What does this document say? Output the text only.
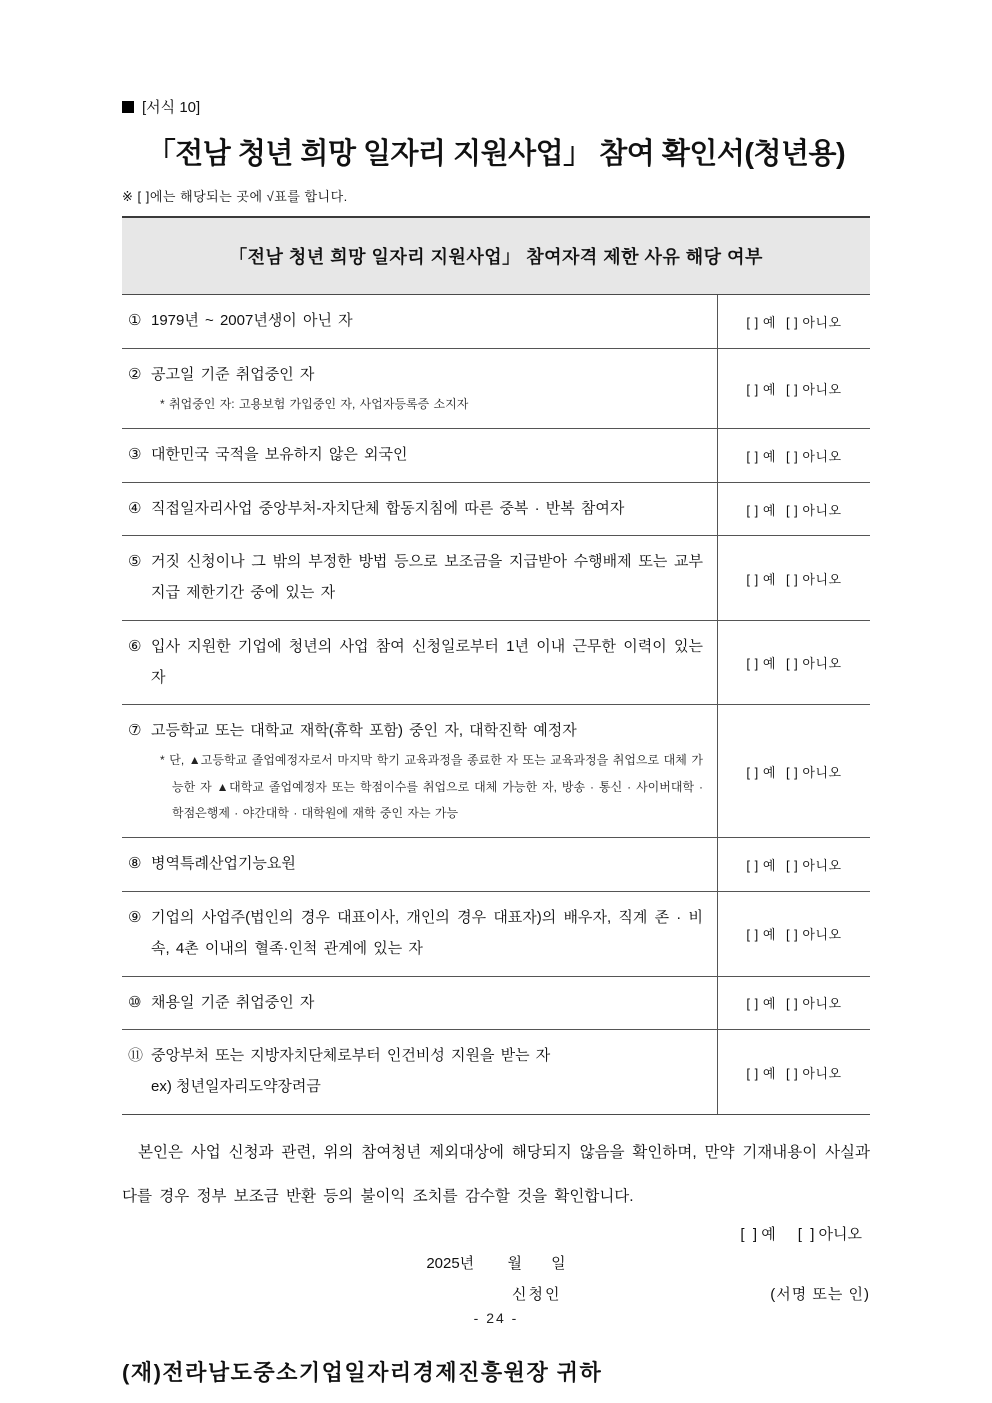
[서식 10]
「전남 청년 희망 일자리 지원사업」 참여 확인서(청년용)
※ [ ]에는 해당되는 곳에 √표를 합니다.
「전남 청년 희망 일자리 지원사업」 참여자격 제한 사유 해당 여부
① 1979년 ~ 2007년생이 아닌 자	[ ] 예 [ ] 아니오
② 공고일 기준 취업중인 자
* 취업중인 자: 고용보험 가입중인 자, 사업자등록증 소지자
[ ] 예 [ ] 아니오
③ 대한민국 국적을 보유하지 않은 외국인	[ ] 예 [ ] 아니오
④ 직접일자리사업 중앙부처-자치단체 합동지침에 따른 중복 · 반복 참여자	[ ] 예 [ ] 아니오
⑤ 거짓 신청이나 그 밖의 부정한 방법 등으로 보조금을 지급받아 수행배제 또는 교부 지급 제한기간 중에 있는 자
[ ] 예 [ ] 아니오
⑥ 입사 지원한 기업에 청년의 사업 참여 신청일로부터 1년 이내 근무한 이력이 있는 자
[ ] 예 [ ] 아니오
⑦ 고등학교 또는 대학교 재학(휴학 포함) 중인 자, 대학진학 예정자
* 단, ▲고등학교 졸업예정자로서 마지막 학기 교육과정을 종료한 자 또는 교육과정을 취업으로 대체 가능한 자 ▲대학교 졸업예정자 또는 학점이수를 취업으로 대체 가능한 자, 방송 · 통신 · 사이버대학 · 학점은행제 · 야간대학 · 대학원에 재학 중인 자는 가능
[ ] 예 [ ] 아니오
⑧ 병역특례산업기능요원	[ ] 예 [ ] 아니오
⑨ 기업의 사업주(법인의 경우 대표이사, 개인의 경우 대표자)의 배우자, 직계 존 · 비속, 4촌 이내의 혈족·인척 관계에 있는 자
[ ] 예 [ ] 아니오
⑩ 채용일 기준 취업중인 자	[ ] 예 [ ] 아니오
⑪ 중앙부처 또는 지방자치단체로부터 인건비성 지원을 받는 자
ex) 청년일자리도약장려금
[ ] 예 [ ] 아니오
본인은 사업 신청과 관련, 위의 참여청년 제외대상에 해당되지 않음을 확인하며, 만약 기재내용이 사실과 다를 경우 정부 보조금 반환 등의 불이익 조치를 감수할 것을 확인합니다.
[  ] 예 [  ] 아니오
2025년        월       일
신청인	(서명 또는 인)
(재)전라남도중소기업일자리경제진흥원장 귀하
- 24 -
